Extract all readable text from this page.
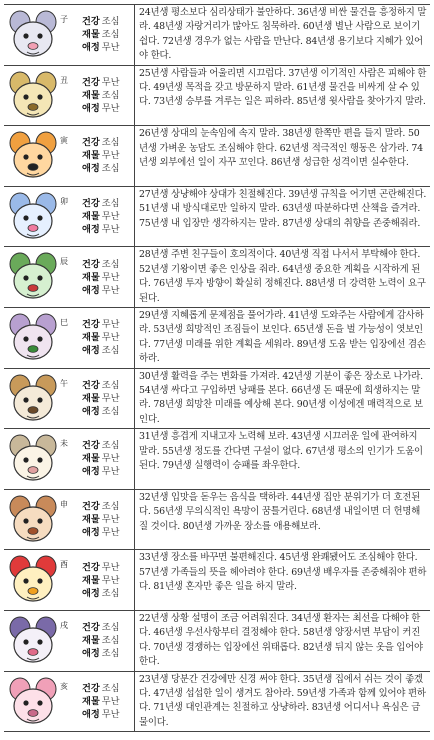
子 건강 조심
재물 조심
애정 무난
24년생 평소보다 심리상태가 불안하다. 36년생 비싼 물건을 흥정하지 말라. 48년생 자랑거리가 많아도 침묵하라. 60년생 별난 사람으로 보이기 쉽다. 72년생 경우가 없는 사람을 만난다. 84년생 용기보다 지혜가 있어야 한다.
丑 건강 무난
재물 조심
애정 무난
25년생 사람들과 어울리면 시끄럽다. 37년생 이기적인 사람은 피해야 한다. 49년생 목적을 갖고 방문하지 말라. 61년생 물건을 비싸게 살 수 있다. 73년생 승부를 겨루는 일은 피하라. 85년생 윗사람을 찾아가지 말라.
寅 건강 조심
재물 무난
애정 조심
26년생 상대의 눈속임에 속지 말라. 38년생 한쪽만 편을 들지 말라. 50년생 가벼운 농담도 조심해야 한다. 62년생 적극적인 행동은 삼가라. 74년생 외부에선 일이 자꾸 꼬인다. 86년생 성급한 성격이면 실수한다.
卯 건강 조심
재물 무난
애정 무난
27년생 상냥해야 상대가 친절해진다. 39년생 규칙을 어기면 곤란해진다. 51년생 내 방식대로만 일하지 말라. 63년생 따분하다면 산책을 즐겨라. 75년생 내 입장만 생각하지는 말라. 87년생 상대의 취향을 존중해줘라.
辰 건강 조심
재물 무난
애정 무난
28년생 주변 친구들이 호의적이다. 40년생 직접 나서서 부탁해야 한다. 52년생 기왕이면 좋은 인상을 줘라. 64년생 중요한 계획을 시작하게 된다. 76년생 투자 방향이 확실히 정해진다. 88년생 더 강력한 노력이 요구된다.
巳 건강 무난
재물 무난
애정 조심
29년생 지혜롭게 문제점을 풀어가라. 41년생 도와주는 사람에게 감사하라. 53년생 희망적인 조짐들이 보인다. 65년생 돈을 벌 가능성이 엿보인다. 77년생 미래를 위한 계획을 세워라. 89년생 도움 받는 입장에선 겸손하라.
午 건강 조심
재물 무난
애정 조심
30년생 활력을 주는 변화를 가져라. 42년생 기분이 좋은 장소로 나가라. 54년생 싸다고 구입하면 낭패를 본다. 66년생 돈 때문에 희생하지는 말라. 78년생 희망찬 미래를 예상해 본다. 90년생 이성에겐 매력적으로 보인다.
未 건강 조심
재물 무난
애정 무난
31년생 흥겹게 지내고자 노력해 보라. 43년생 시끄러운 일에 관여하지 말라. 55년생 정도를 간다면 구설이 없다. 67년생 평소의 인기가 도움이 된다. 79년생 실행력이 승패를 좌우한다.
申 건강 조심
재물 무난
애정 무난
32년생 입맛을 돋우는 음식을 택하라. 44년생 집안 분위기가 더 호전된다. 56년생 무의식적인 욕망이 꿈틀거린다. 68년생 내일이면 더 헌명해질 것이다. 80년생 가까운 장소를 애용해보라.
酉 건강 무난
재물 무난
애정 조심
33년생 장소를 바꾸면 불편해진다. 45년생 완쾌됐어도 조심해야 한다. 57년생 가족들의 뜻을 헤아려야 한다. 69년생 배우자를 존중해줘야 편하다. 81년생 혼자만 좋은 일을 하지 말라.
戌 건강 조심
재물 조심
애정 조심
22년생 상황 설명이 조금 어려워진다. 34년생 환자는 최선을 다해야 한다. 46년생 우선사항부터 결정해야 한다. 58년생 양장서면 부담이 커진다. 70년생 경쟁하는 입장에선 위태롭다. 82년생 뒤지 않는 옷을 입어야 한다.
亥 건강 조심
재물 무난
애정 무난
23년생 당분간 건강에만 신경 써야 한다. 35년생 집에서 쉬는 것이 좋겠다. 47년생 섭섭한 일이 생겨도 참아라. 59년생 가족과 함께 있어야 편하다. 71년생 대인관계는 친절하고 상냥하라. 83년생 어디서나 욕심은 금물이다.
